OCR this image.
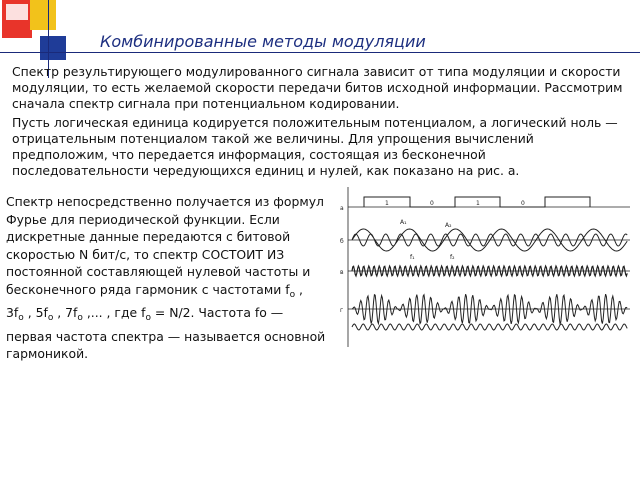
Комбинированные методы модуляции

Спектр результирующего модулированного сигнала зависит от типа модуляции и скорости модуляции, то есть желаемой скорости передачи битов исходной информации. Рассмотрим сначала спектр сигнала при потенциальном кодировании.

Пусть логическая единица кодируется положительным потенциалом, а логический ноль — отрицательным потенциалом такой же величины. Для упрощения вычислений предположим, что передается информация, состоящая из бесконечной последовательности чередующихся единиц и нулей, как показано на рис. а.

Спектр непосредственно получается из формул Фурье для периодической функции. Если дискретные данные передаются с битовой скоростью N бит/с, то спектр СОСТОИТ ИЗ постоянной составляющей нулевой частоты и бесконечного ряда гармоник с частотами $f_о$ ,
$3f_о$ , $5f_о$ , $7f_о$ ,... , где $f_о = N/2$. Частота fo — первая частота спектра — называется основной гармоникой.

1	0	1	0
a
б
в
г
A₁	A₂
f₁	f₂
